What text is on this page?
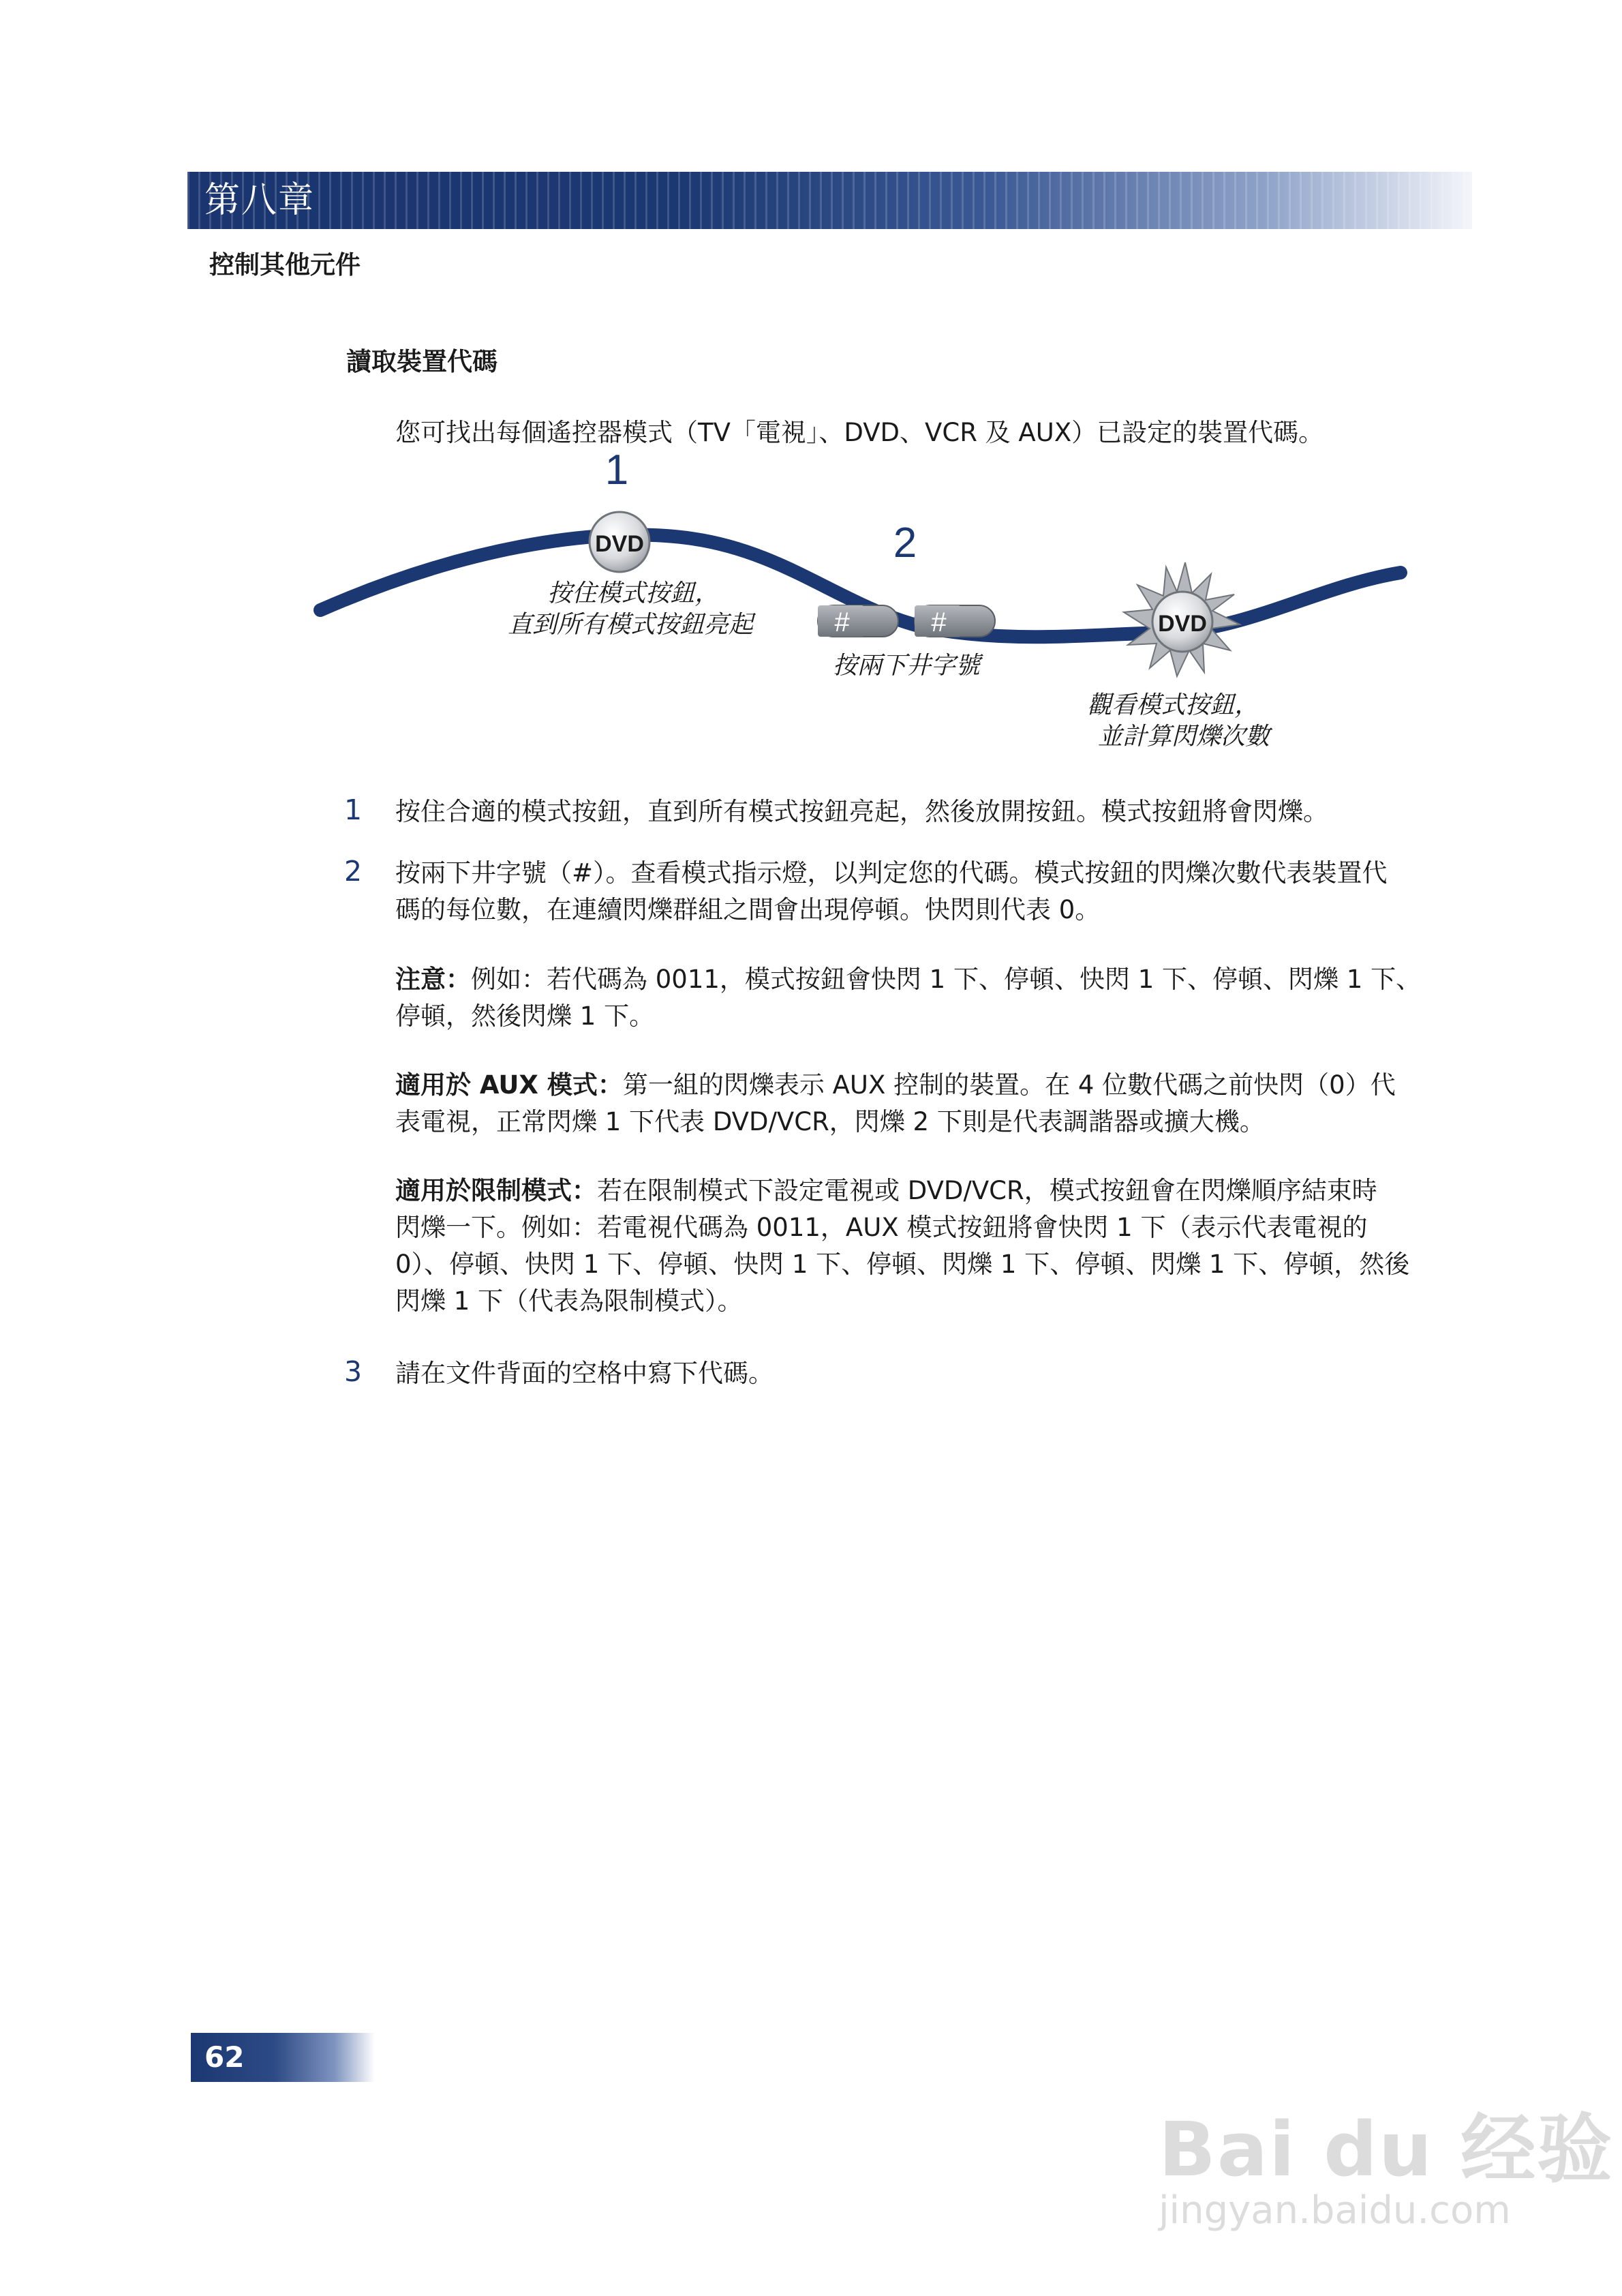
第八章
控制其他元件
讀取裝置代碼
您可找出每個遙控器模式（TV「電視」、DVD、VCR 及 AUX）已設定的裝置代碼。
1
2
DVD
#	#	DVD
按住模式按鈕， 直到所有模式按鈕亮起
按兩下井字號
觀看模式按鈕， 並計算閃爍次數
1 按住合適的模式按鈕，直到所有模式按鈕亮起，然後放開按鈕。模式按鈕將會閃爍。
2 按兩下井字號（#）。查看模式指示燈，以判定您的代碼。模式按鈕的閃爍次數代表裝置代
碼的每位數，在連續閃爍群組之間會出現停頓。快閃則代表 0。
注意：例如：若代碼為 0011，模式按鈕會快閃 1 下、停頓、快閃 1 下、停頓、閃爍 1 下、
停頓，然後閃爍 1 下。
適用於 AUX 模式：第一組的閃爍表示 AUX 控制的裝置。在 4 位數代碼之前快閃（0）代
表電視，正常閃爍 1 下代表 DVD/VCR，閃爍 2 下則是代表調諧器或擴大機。
適用於限制模式：若在限制模式下設定電視或 DVD/VCR，模式按鈕會在閃爍順序結束時
閃爍一下。例如：若電視代碼為 0011，AUX 模式按鈕將會快閃 1 下（表示代表電視的
0）、停頓、快閃 1 下、停頓、快閃 1 下、停頓、閃爍 1 下、停頓、閃爍 1 下、停頓，然後
閃爍 1 下（代表為限制模式）。
3 請在文件背面的空格中寫下代碼。
62
Bai du 经验
jingyan.baidu.com
